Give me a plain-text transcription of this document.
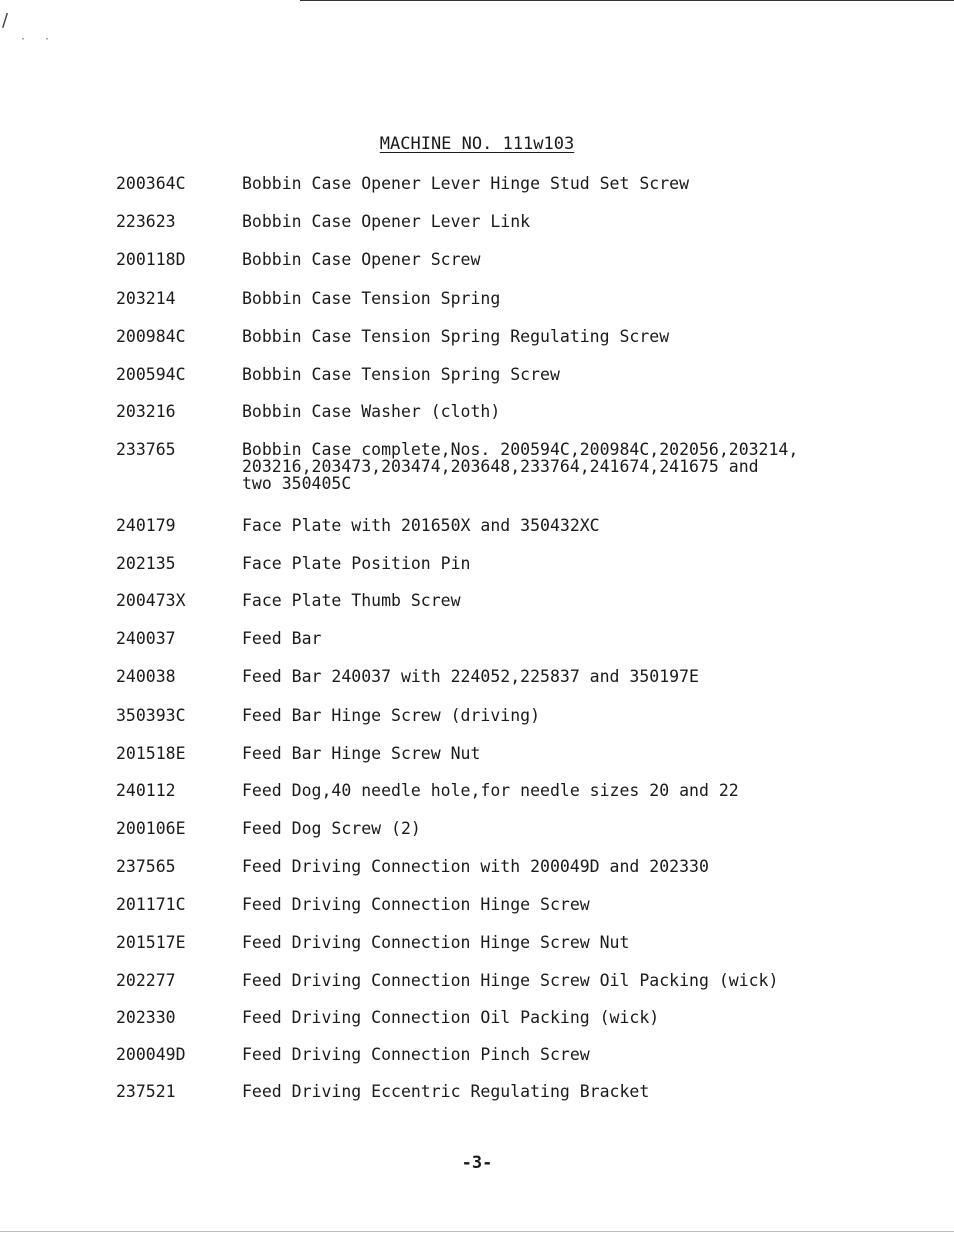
/
··
MACHINE NO. 111w103
200364C	Bobbin Case Opener Lever Hinge Stud Set Screw
223623	Bobbin Case Opener Lever Link
200118D	Bobbin Case Opener Screw
203214	Bobbin Case Tension Spring
200984C	Bobbin Case Tension Spring Regulating Screw
200594C	Bobbin Case Tension Spring Screw
203216	Bobbin Case Washer (cloth)
233765	Bobbin Case complete,Nos. 200594C,200984C,202056,203214,
203216,203473,203474,203648,233764,241674,241675 and
two 350405C
240179	Face Plate with 201650X and 350432XC
202135	Face Plate Position Pin
200473X	Face Plate Thumb Screw
240037	Feed Bar
240038	Feed Bar 240037 with 224052,225837 and 350197E
350393C	Feed Bar Hinge Screw (driving)
201518E	Feed Bar Hinge Screw Nut
240112	Feed Dog,40 needle hole,for needle sizes 20 and 22
200106E	Feed Dog Screw (2)
237565	Feed Driving Connection with 200049D and 202330
201171C	Feed Driving Connection Hinge Screw
201517E	Feed Driving Connection Hinge Screw Nut
202277	Feed Driving Connection Hinge Screw Oil Packing (wick)
202330	Feed Driving Connection Oil Packing (wick)
200049D	Feed Driving Connection Pinch Screw
237521	Feed Driving Eccentric Regulating Bracket
-3-
